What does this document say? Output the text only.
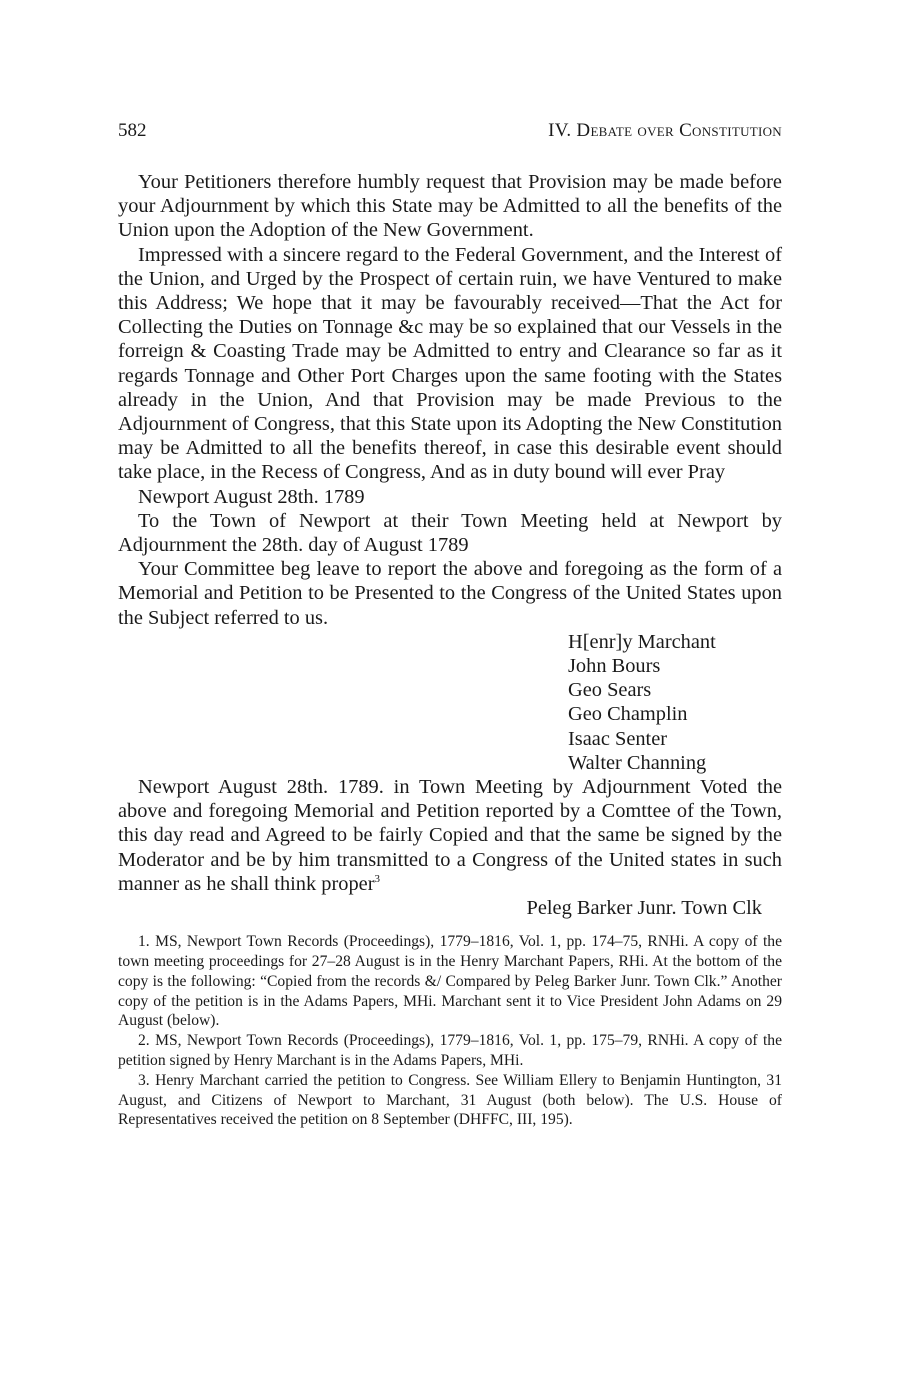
582	IV. Debate over Constitution

Your Petitioners therefore humbly request that Provision may be made before your Adjournment by which this State may be Admitted to all the benefits of the Union upon the Adoption of the New Government.

Impressed with a sincere regard to the Federal Government, and the Interest of the Union, and Urged by the Prospect of certain ruin, we have Ventured to make this Address; We hope that it may be favourably received—That the Act for Collecting the Duties on Tonnage &c may be so explained that our Vessels in the forreign & Coasting Trade may be Admitted to entry and Clearance so far as it regards Tonnage and Other Port Charges upon the same footing with the States already in the Union, And that Provision may be made Previous to the Adjournment of Congress, that this State upon its Adopting the New Constitution may be Admitted to all the benefits thereof, in case this desirable event should take place, in the Recess of Congress, And as in duty bound will ever Pray

Newport August 28th. 1789

To the Town of Newport at their Town Meeting held at Newport by Adjournment the 28th. day of August 1789

Your Committee beg leave to report the above and foregoing as the form of a Memorial and Petition to be Presented to the Congress of the United States upon the Subject referred to us.

H[enr]y Marchant
John Bours
Geo Sears
Geo Champlin
Isaac Senter
Walter Channing

Newport August 28th. 1789. in Town Meeting by Adjournment Voted the above and foregoing Memorial and Petition reported by a Comttee of the Town, this day read and Agreed to be fairly Copied and that the same be signed by the Moderator and be by him transmitted to a Congress of the United states in such manner as he shall think proper$^3$

Peleg Barker Junr. Town Clk

1. MS, Newport Town Records (Proceedings), 1779–1816, Vol. 1, pp. 174–75, RNHi. A copy of the town meeting proceedings for 27–28 August is in the Henry Marchant Papers, RHi. At the bottom of the copy is the following: “Copied from the records &/ Compared by Peleg Barker Junr. Town Clk.” Another copy of the petition is in the Adams Papers, MHi. Marchant sent it to Vice President John Adams on 29 August (below).

2. MS, Newport Town Records (Proceedings), 1779–1816, Vol. 1, pp. 175–79, RNHi. A copy of the petition signed by Henry Marchant is in the Adams Papers, MHi.

3. Henry Marchant carried the petition to Congress. See William Ellery to Benjamin Huntington, 31 August, and Citizens of Newport to Marchant, 31 August (both below). The U.S. House of Representatives received the petition on 8 September (DHFFC, III, 195).
